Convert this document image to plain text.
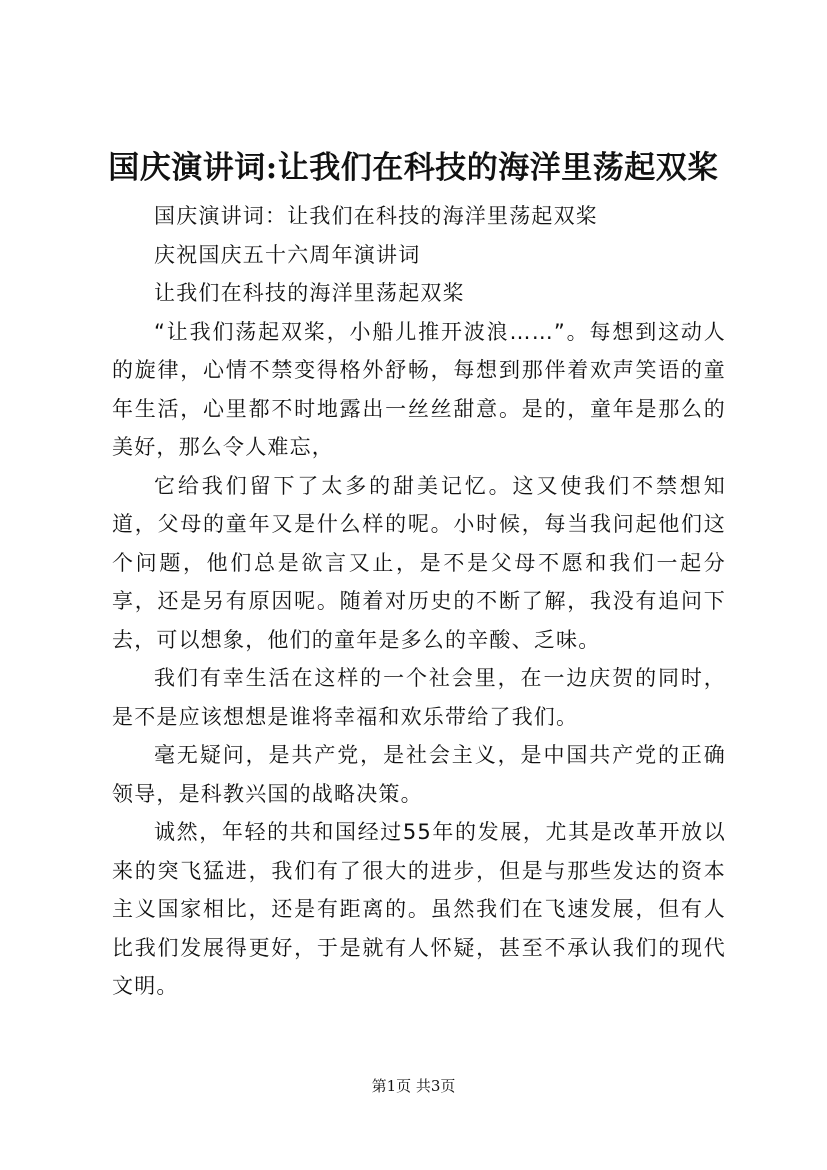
国庆演讲词:让我们在科技的海洋里荡起双桨

国庆演讲词：让我们在科技的海洋里荡起双桨

庆祝国庆五十六周年演讲词

让我们在科技的海洋里荡起双桨

“让我们荡起双桨，小船儿推开波浪……”。每想到这动人的旋律，心情不禁变得格外舒畅，每想到那伴着欢声笑语的童年生活，心里都不时地露出一丝丝甜意。是的，童年是那么的美好，那么令人难忘，

它给我们留下了太多的甜美记忆。这又使我们不禁想知道，父母的童年又是什么样的呢。小时候，每当我问起他们这个问题，他们总是欲言又止，是不是父母不愿和我们一起分享，还是另有原因呢。随着对历史的不断了解，我没有追问下去，可以想象，他们的童年是多么的辛酸、乏味。

我们有幸生活在这样的一个社会里，在一边庆贺的同时，是不是应该想想是谁将幸福和欢乐带给了我们。

毫无疑问，是共产党，是社会主义，是中国共产党的正确领导，是科教兴国的战略决策。

诚然，年轻的共和国经过55年的发展，尤其是改革开放以来的突飞猛进，我们有了很大的进步，但是与那些发达的资本主义国家相比，还是有距离的。虽然我们在飞速发展，但有人比我们发展得更好，于是就有人怀疑，甚至不承认我们的现代文明。

第1页 共3页
